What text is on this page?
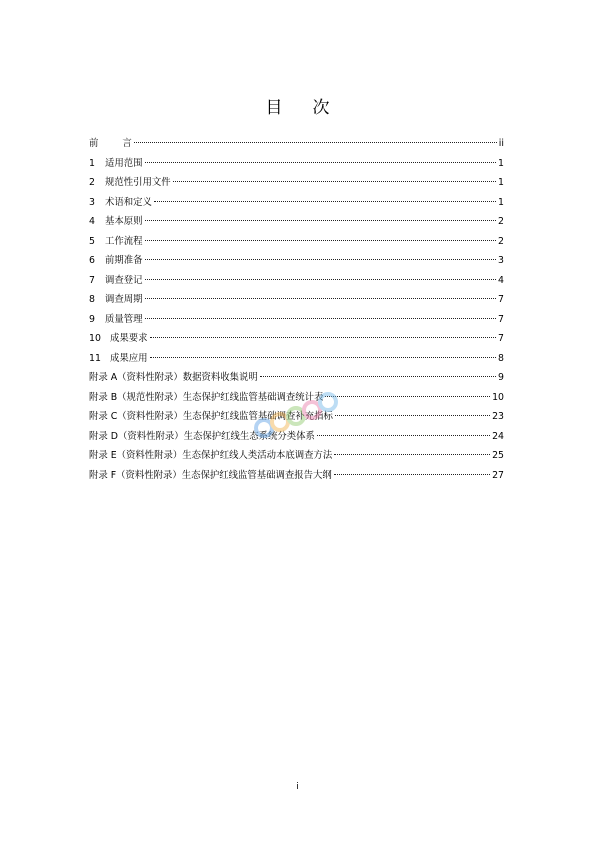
目 次
前	言	ii
1	适用范围	1
2	规范性引用文件	1
3	术语和定义	1
4	基本原则	2
5	工作流程	2
6	前期准备	3
7	调查登记	4
8	调查周期	7
9	质量管理	7
10 成果要求	7
11 成果应用	8
附录 A（资料性附录）数据资料收集说明	9
附录 B（规范性附录）生态保护红线监管基础调查统计表	10
附录 C（资料性附录）生态保护红线监管基础调查补充指标	23
附录 D（资料性附录）生态保护红线生态系统分类体系	24
附录 E（资料性附录）生态保护红线人类活动本底调查方法	25
附录 F（资料性附录）生态保护红线监管基础调查报告大纲	27
i
